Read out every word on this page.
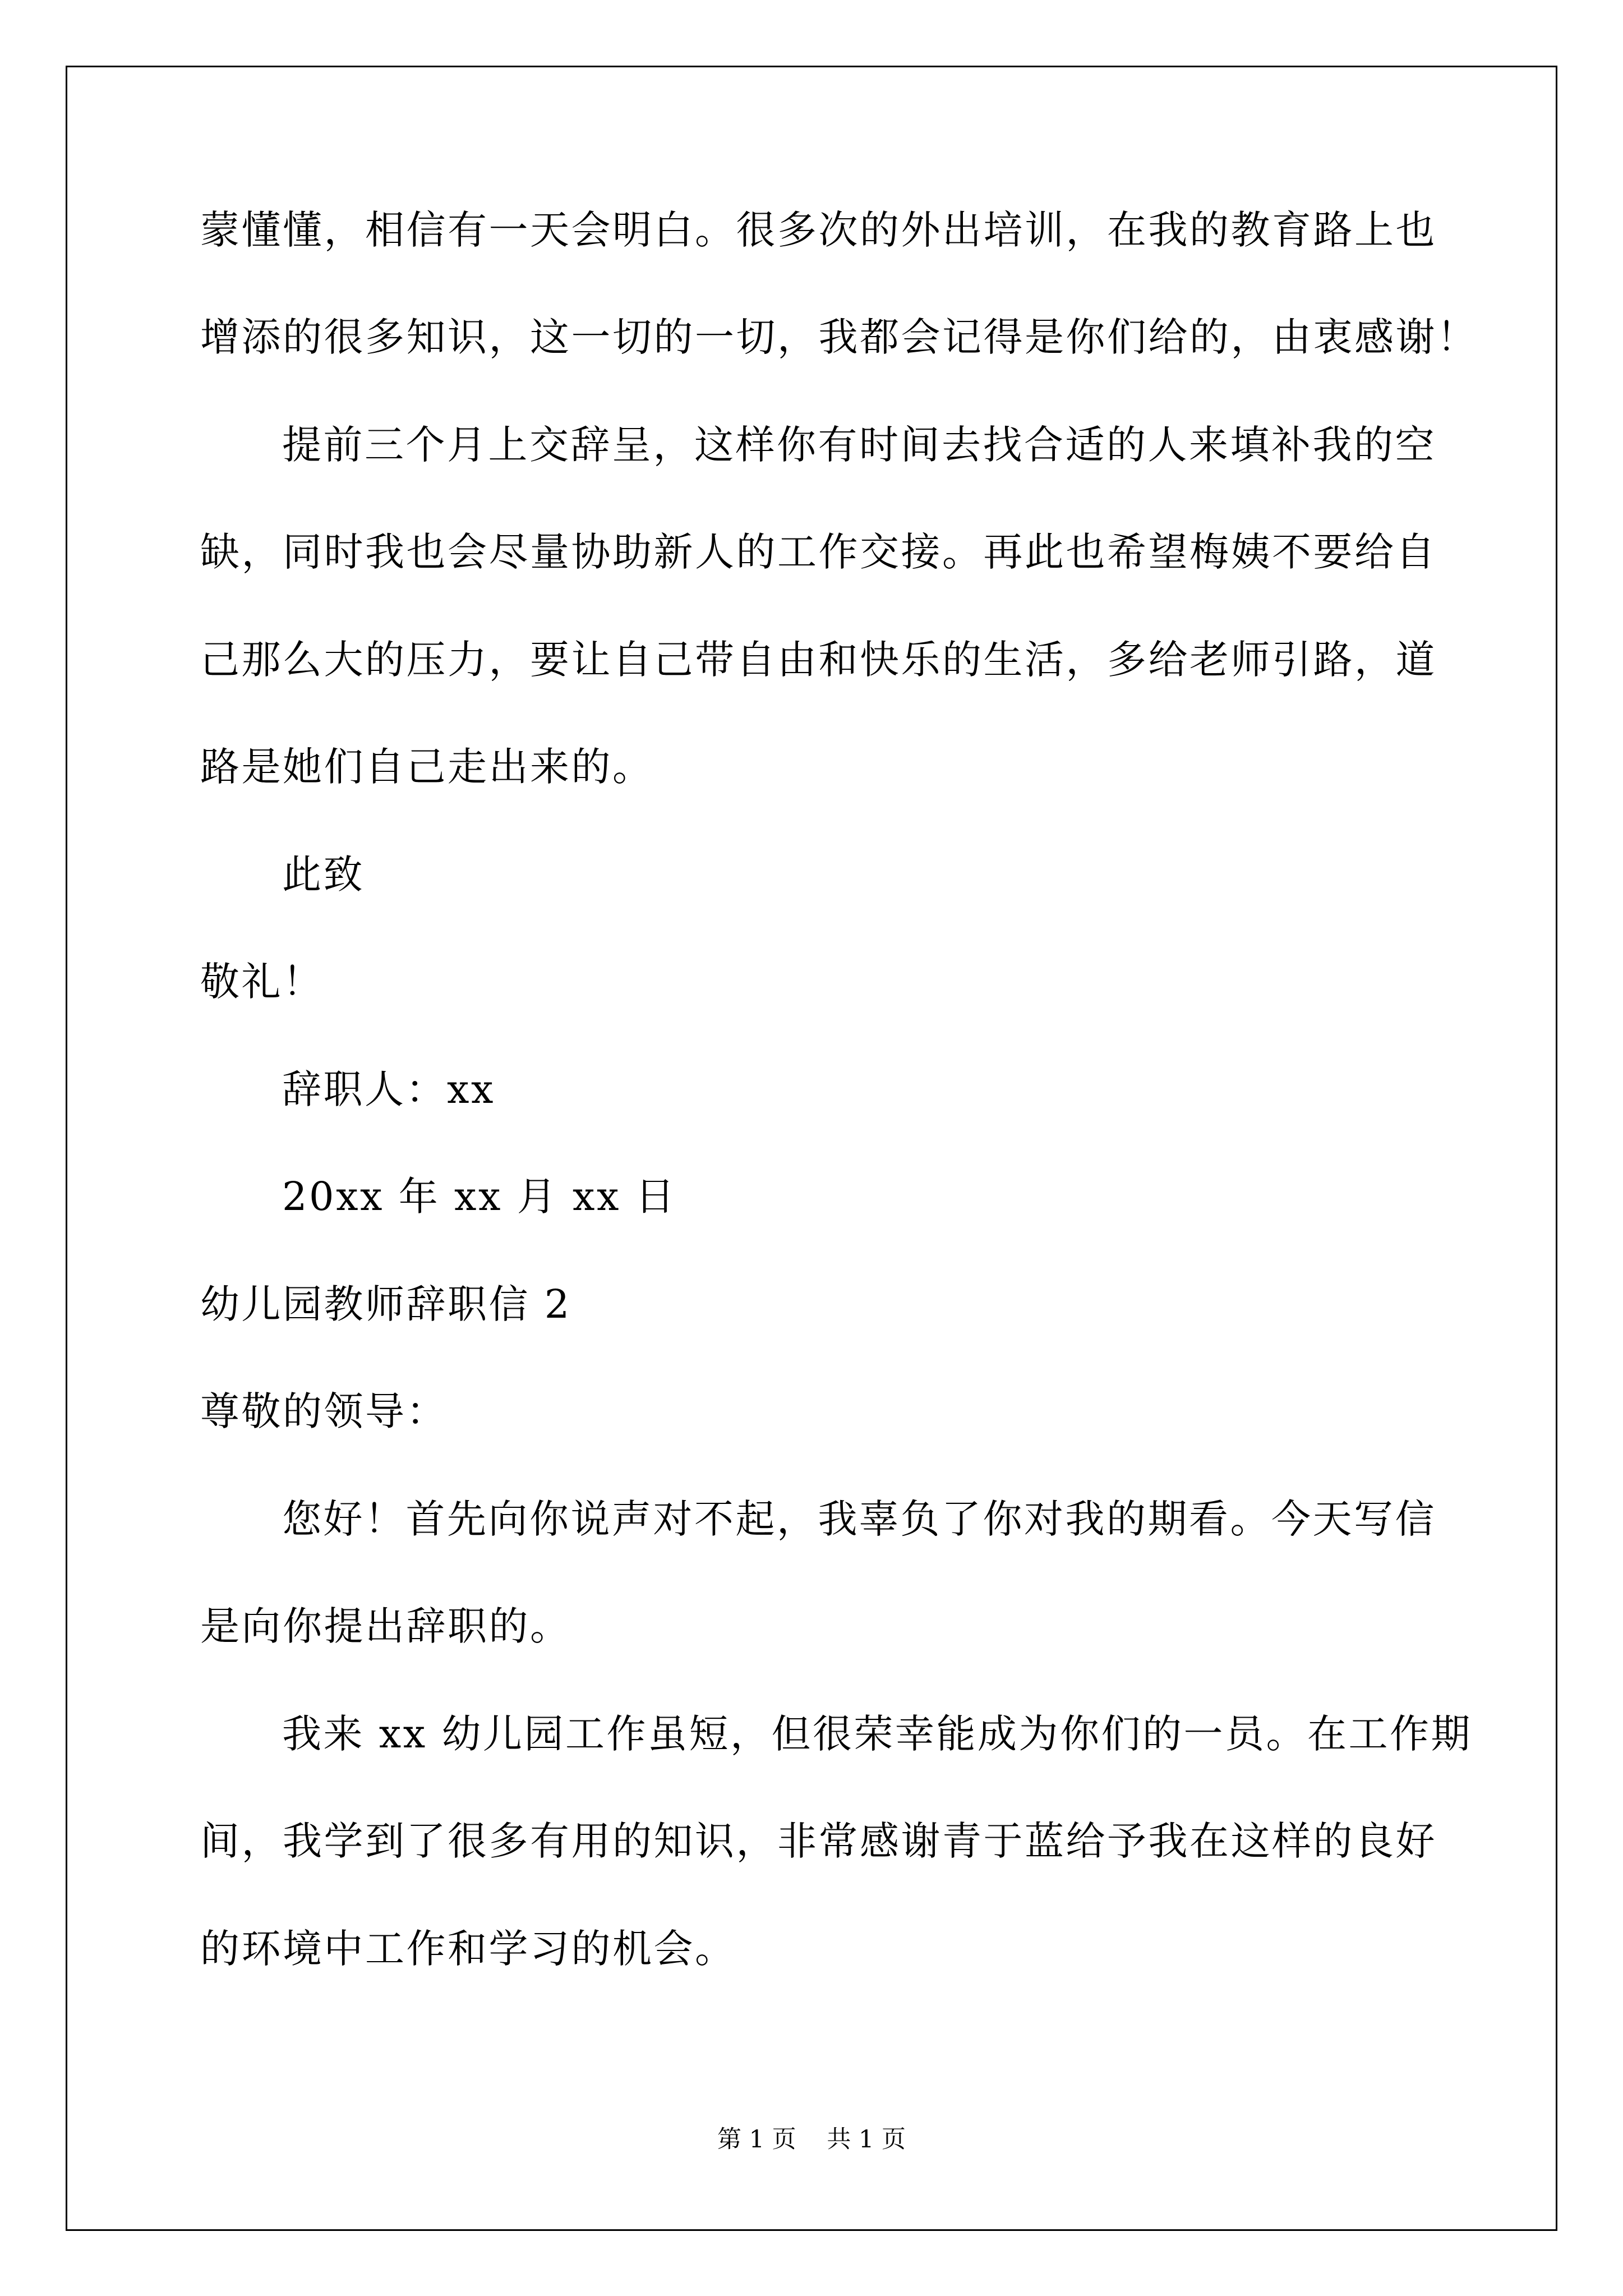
蒙懂懂，相信有一天会明白。很多次的外出培训，在我的教育路上也
增添的很多知识，这一切的一切，我都会记得是你们给的，由衷感谢！
提前三个月上交辞呈，这样你有时间去找合适的人来填补我的空
缺，同时我也会尽量协助新人的工作交接。再此也希望梅姨不要给自
己那么大的压力，要让自己带自由和快乐的生活，多给老师引路，道
路是她们自己走出来的。
此致
敬礼！
辞职人：xx
20xx 年 xx 月 xx 日
幼儿园教师辞职信 2
尊敬的领导：
您好！首先向你说声对不起，我辜负了你对我的期看。今天写信
是向你提出辞职的。
我来 xx 幼儿园工作虽短，但很荣幸能成为你们的一员。在工作期
间，我学到了很多有用的知识，非常感谢青于蓝给予我在这样的良好
的环境中工作和学习的机会。
第 1 页    共 1 页
